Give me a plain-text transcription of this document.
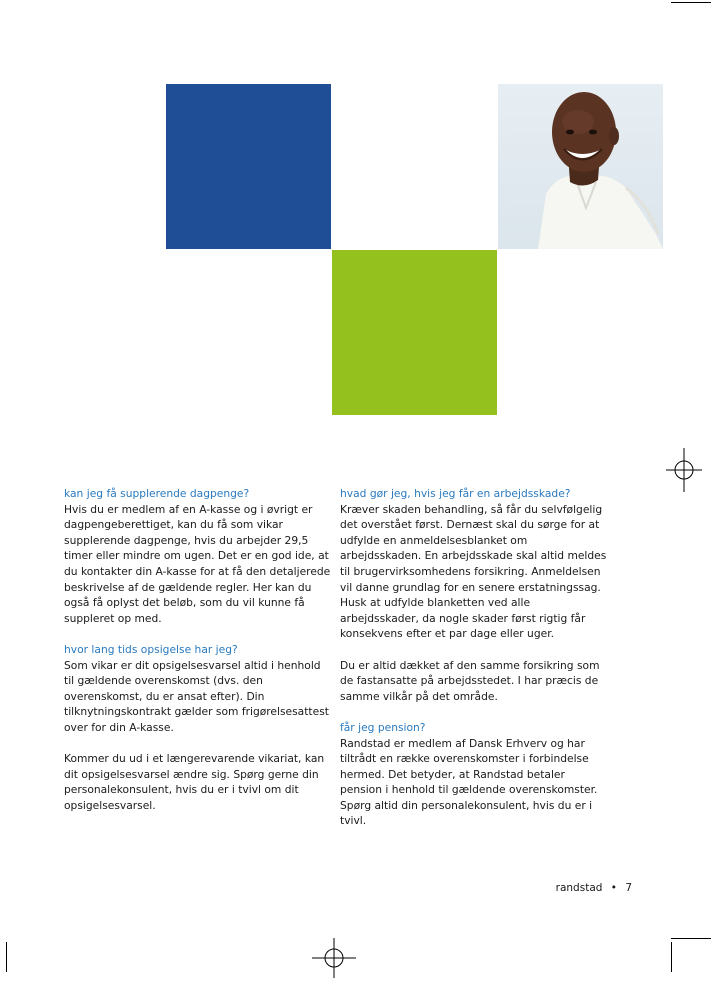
kan jeg få supplerende dagpenge?
Hvis du er medlem af en A-kasse og i øvrigt er dagpengeberettiget, kan du få som vikar supplerende dagpenge, hvis du arbejder 29,5 timer eller mindre om ugen. Det er en god ide, at du kontakter din A-kasse for at få den detaljerede beskrivelse af de gældende regler. Her kan du også få oplyst det beløb, som du vil kunne få suppleret op med.

hvor lang tids opsigelse har jeg?
Som vikar er dit opsigelsesvarsel altid i henhold til gældende overenskomst (dvs. den overenskomst, du er ansat efter). Din tilknytningskontrakt gælder som frigørelsesattest over for din A-kasse.

Kommer du ud i et længerevarende vikariat, kan dit opsigelsesvarsel ændre sig. Spørg gerne din personalekonsulent, hvis du er i tvivl om dit opsigelsesvarsel.

hvad gør jeg, hvis jeg får en arbejdsskade?
Kræver skaden behandling, så får du selvfølgelig det overstået først. Dernæst skal du sørge for at udfylde en anmeldelsesblanket om arbejdsskaden. En arbejdsskade skal altid meldes til brugervirksomhedens forsikring. Anmeldelsen vil danne grundlag for en senere erstatningssag. Husk at udfylde blanketten ved alle arbejdsskader, da nogle skader først rigtig får konsekvens efter et par dage eller uger.

Du er altid dækket af den samme forsikring som de fastansatte på arbejdsstedet. I har præcis de samme vilkår på det område.

får jeg pension?
Randstad er medlem af Dansk Erhverv og har tiltrådt en række overenskomster i forbindelse hermed. Det betyder, at Randstad betaler pension i henhold til gældende overenskomster. Spørg altid din personalekonsulent, hvis du er i tvivl.

randstad • 7
